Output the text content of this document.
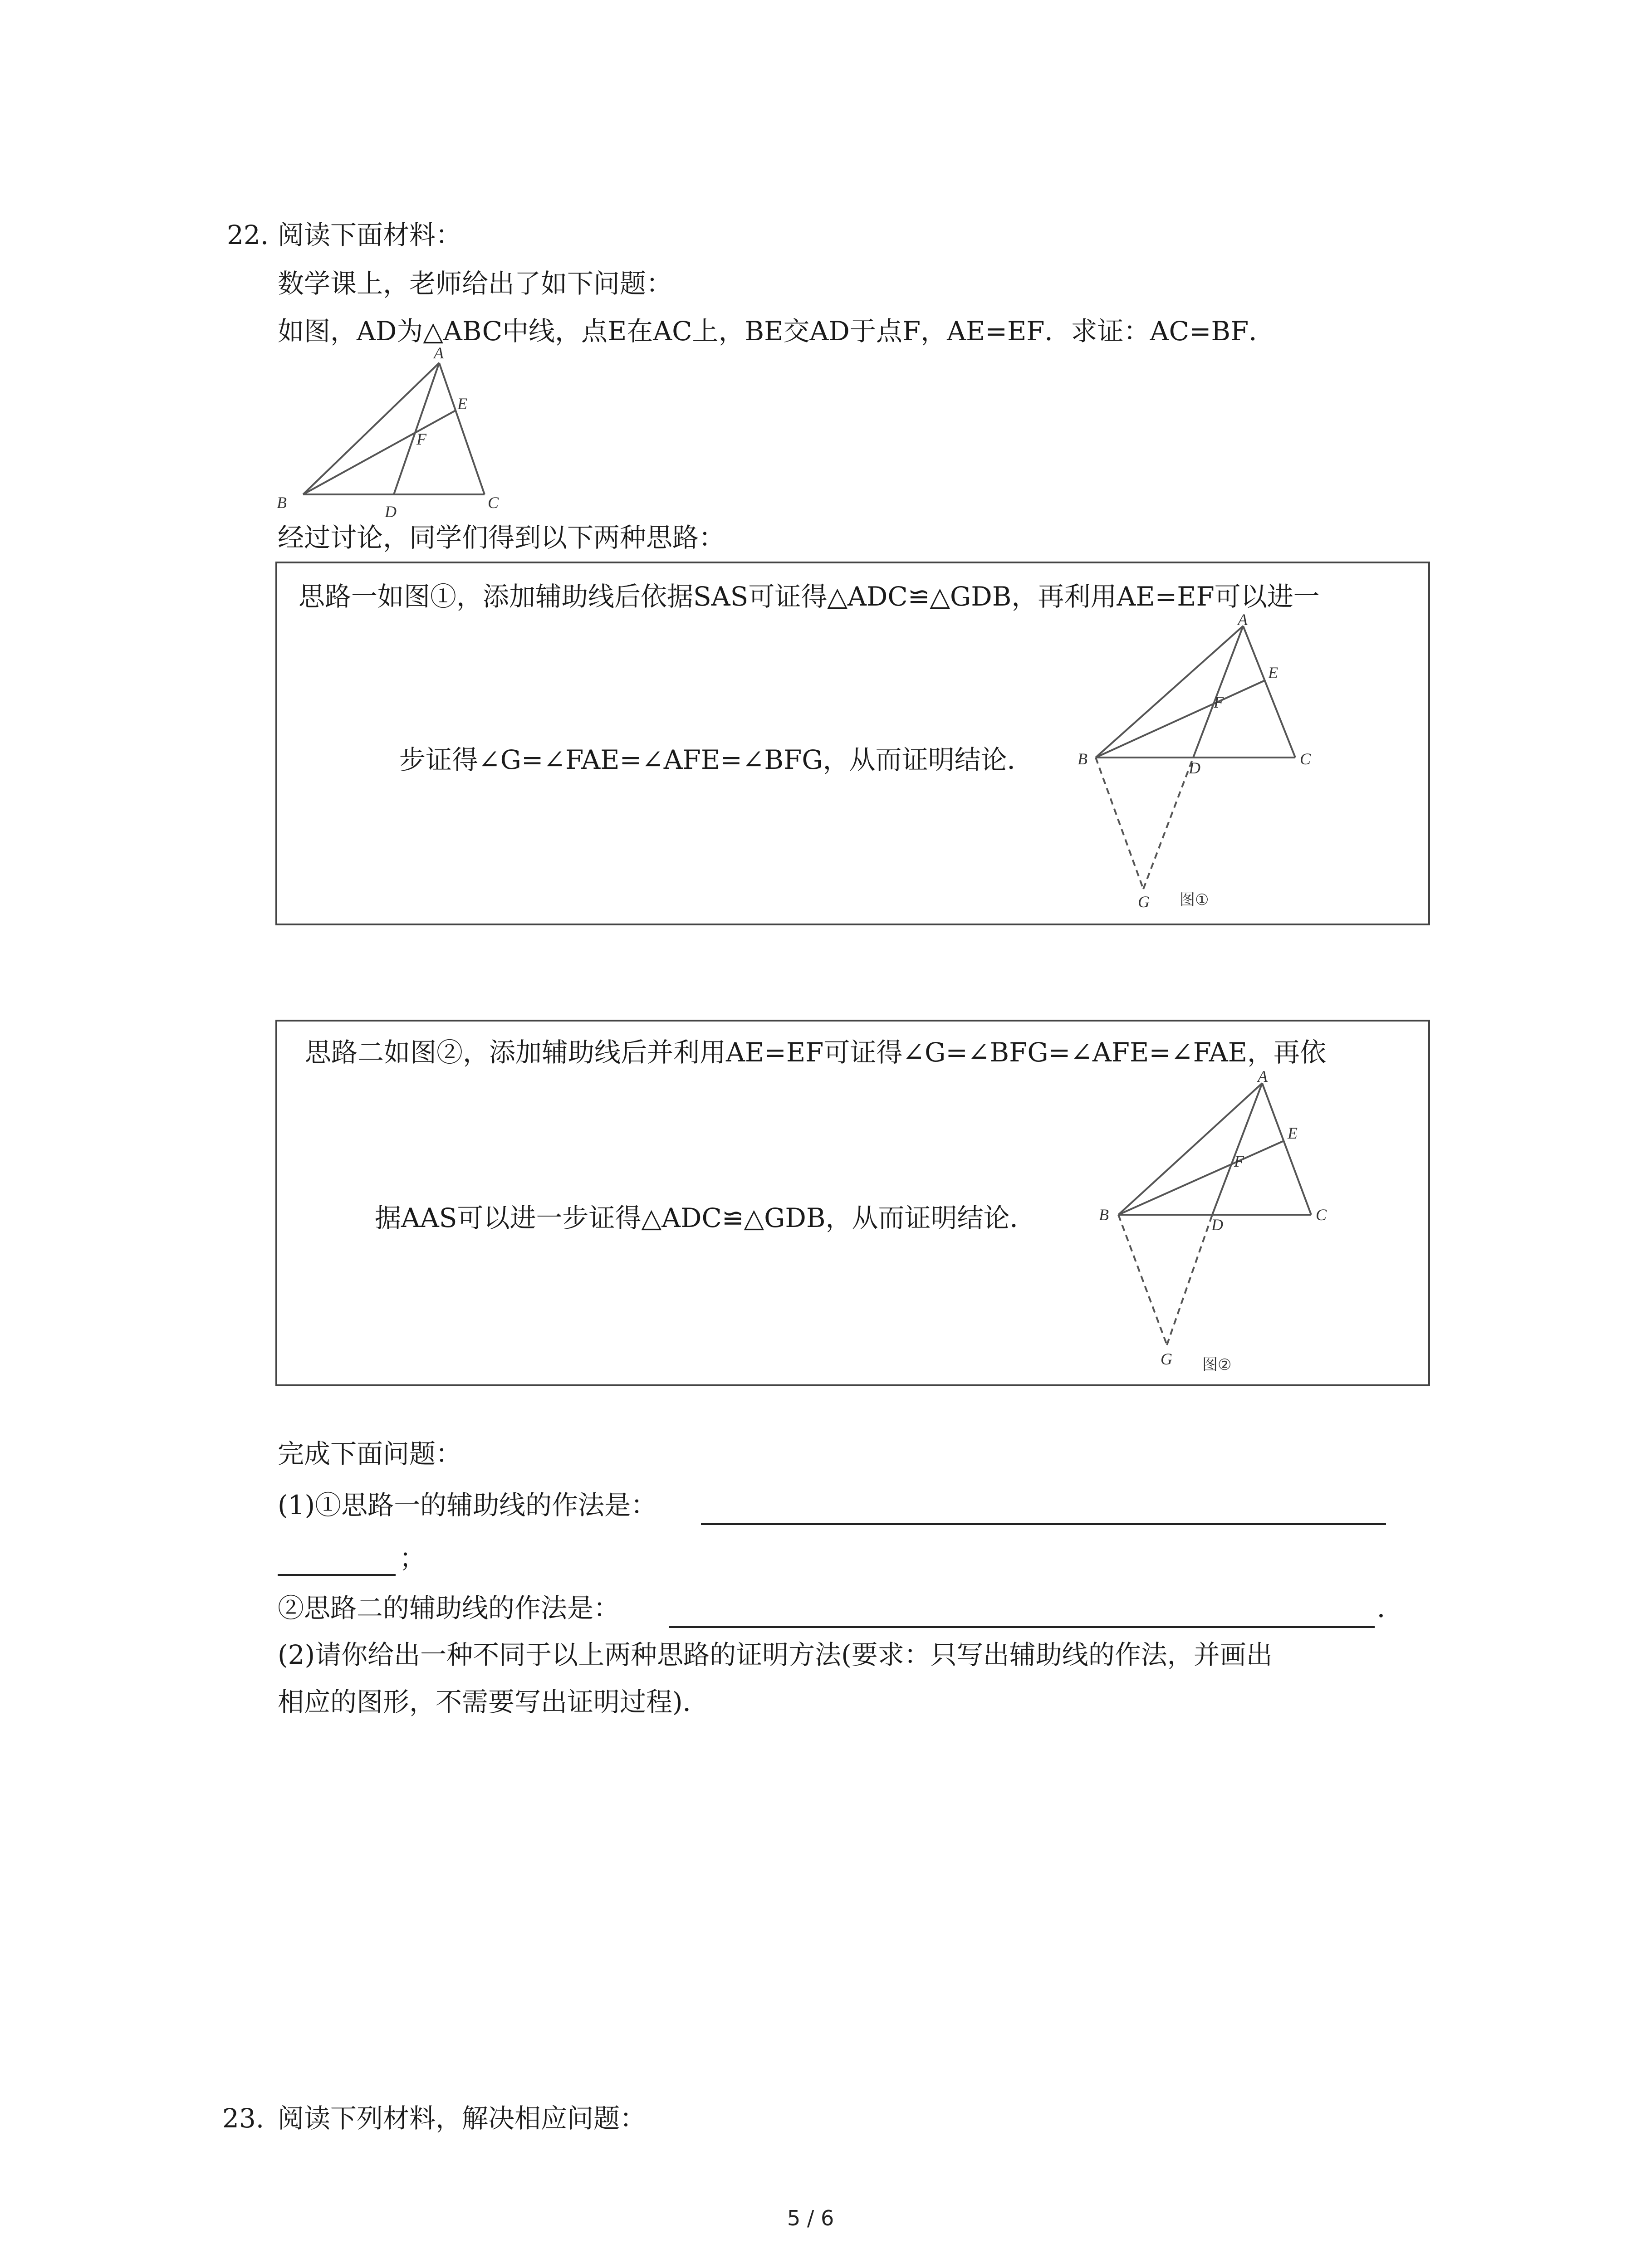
22. 阅读下面材料：
数学课上，老师给出了如下问题：
如图，AD为△ABC中线，点E在AC上，BE交AD于点F，AE=EF．求证：AC=BF．
A
E
F
B	D	C
经过讨论，同学们得到以下两种思路：
思路一如图①，添加辅助线后依据SAS可证得△ADC≌△GDB，再利用AE=EF可以进一
步证得∠G=∠FAE=∠AFE=∠BFG，从而证明结论．
A
E
F
B	D	C
G 图①
思路二如图②，添加辅助线后并利用AE=EF可证得∠G=∠BFG=∠AFE=∠FAE，再依
据AAS可以进一步证得△ADC≌△GDB，从而证明结论．
A
E
F
B
D
C
G 图②
完成下面问题：
(1)①思路一的辅助线的作法是：
；
②思路二的辅助线的作法是：	．
(2)请你给出一种不同于以上两种思路的证明方法(要求：只写出辅助线的作法，并画出
相应的图形，不需要写出证明过程)．
23. 阅读下列材料，解决相应问题：
5 / 6
